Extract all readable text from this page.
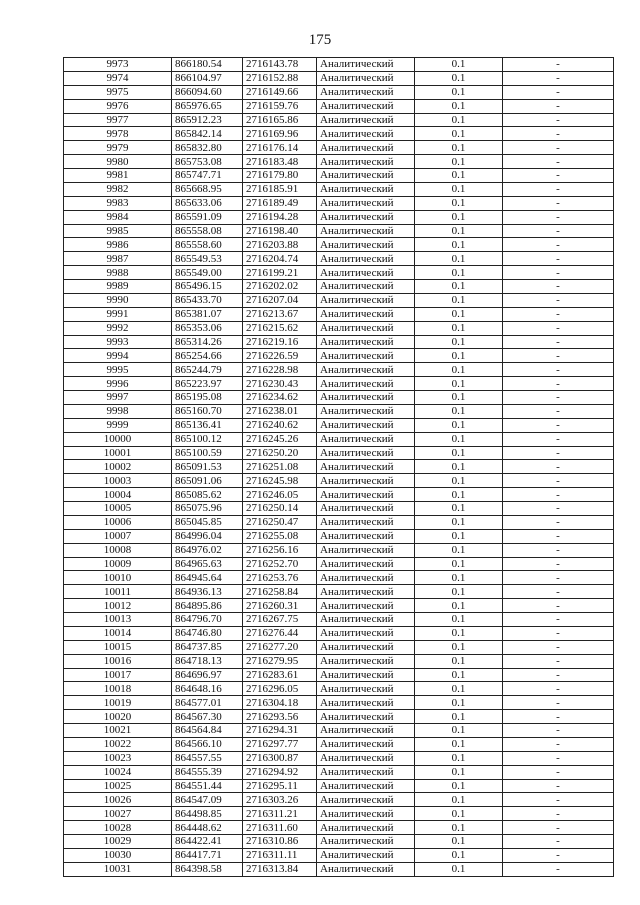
175
9973	866180.54	2716143.78	Аналитический	0.1	-
9974	866104.97	2716152.88	Аналитический	0.1	-
9975	866094.60	2716149.66	Аналитический	0.1	-
9976	865976.65	2716159.76	Аналитический	0.1	-
9977	865912.23	2716165.86	Аналитический	0.1	-
9978	865842.14	2716169.96	Аналитический	0.1	-
9979	865832.80	2716176.14	Аналитический	0.1	-
9980	865753.08	2716183.48	Аналитический	0.1	-
9981	865747.71	2716179.80	Аналитический	0.1	-
9982	865668.95	2716185.91	Аналитический	0.1	-
9983	865633.06	2716189.49	Аналитический	0.1	-
9984	865591.09	2716194.28	Аналитический	0.1	-
9985	865558.08	2716198.40	Аналитический	0.1	-
9986	865558.60	2716203.88	Аналитический	0.1	-
9987	865549.53	2716204.74	Аналитический	0.1	-
9988	865549.00	2716199.21	Аналитический	0.1	-
9989	865496.15	2716202.02	Аналитический	0.1	-
9990	865433.70	2716207.04	Аналитический	0.1	-
9991	865381.07	2716213.67	Аналитический	0.1	-
9992	865353.06	2716215.62	Аналитический	0.1	-
9993	865314.26	2716219.16	Аналитический	0.1	-
9994	865254.66	2716226.59	Аналитический	0.1	-
9995	865244.79	2716228.98	Аналитический	0.1	-
9996	865223.97	2716230.43	Аналитический	0.1	-
9997	865195.08	2716234.62	Аналитический	0.1	-
9998	865160.70	2716238.01	Аналитический	0.1	-
9999	865136.41	2716240.62	Аналитический	0.1	-
10000	865100.12	2716245.26	Аналитический	0.1	-
10001	865100.59	2716250.20	Аналитический	0.1	-
10002	865091.53	2716251.08	Аналитический	0.1	-
10003	865091.06	2716245.98	Аналитический	0.1	-
10004	865085.62	2716246.05	Аналитический	0.1	-
10005	865075.96	2716250.14	Аналитический	0.1	-
10006	865045.85	2716250.47	Аналитический	0.1	-
10007	864996.04	2716255.08	Аналитический	0.1	-
10008	864976.02	2716256.16	Аналитический	0.1	-
10009	864965.63	2716252.70	Аналитический	0.1	-
10010	864945.64	2716253.76	Аналитический	0.1	-
10011	864936.13	2716258.84	Аналитический	0.1	-
10012	864895.86	2716260.31	Аналитический	0.1	-
10013	864796.70	2716267.75	Аналитический	0.1	-
10014	864746.80	2716276.44	Аналитический	0.1	-
10015	864737.85	2716277.20	Аналитический	0.1	-
10016	864718.13	2716279.95	Аналитический	0.1	-
10017	864696.97	2716283.61	Аналитический	0.1	-
10018	864648.16	2716296.05	Аналитический	0.1	-
10019	864577.01	2716304.18	Аналитический	0.1	-
10020	864567.30	2716293.56	Аналитический	0.1	-
10021	864564.84	2716294.31	Аналитический	0.1	-
10022	864566.10	2716297.77	Аналитический	0.1	-
10023	864557.55	2716300.87	Аналитический	0.1	-
10024	864555.39	2716294.92	Аналитический	0.1	-
10025	864551.44	2716295.11	Аналитический	0.1	-
10026	864547.09	2716303.26	Аналитический	0.1	-
10027	864498.85	2716311.21	Аналитический	0.1	-
10028	864448.62	2716311.60	Аналитический	0.1	-
10029	864422.41	2716310.86	Аналитический	0.1	-
10030	864417.71	2716311.11	Аналитический	0.1	-
10031	864398.58	2716313.84	Аналитический	0.1	-
